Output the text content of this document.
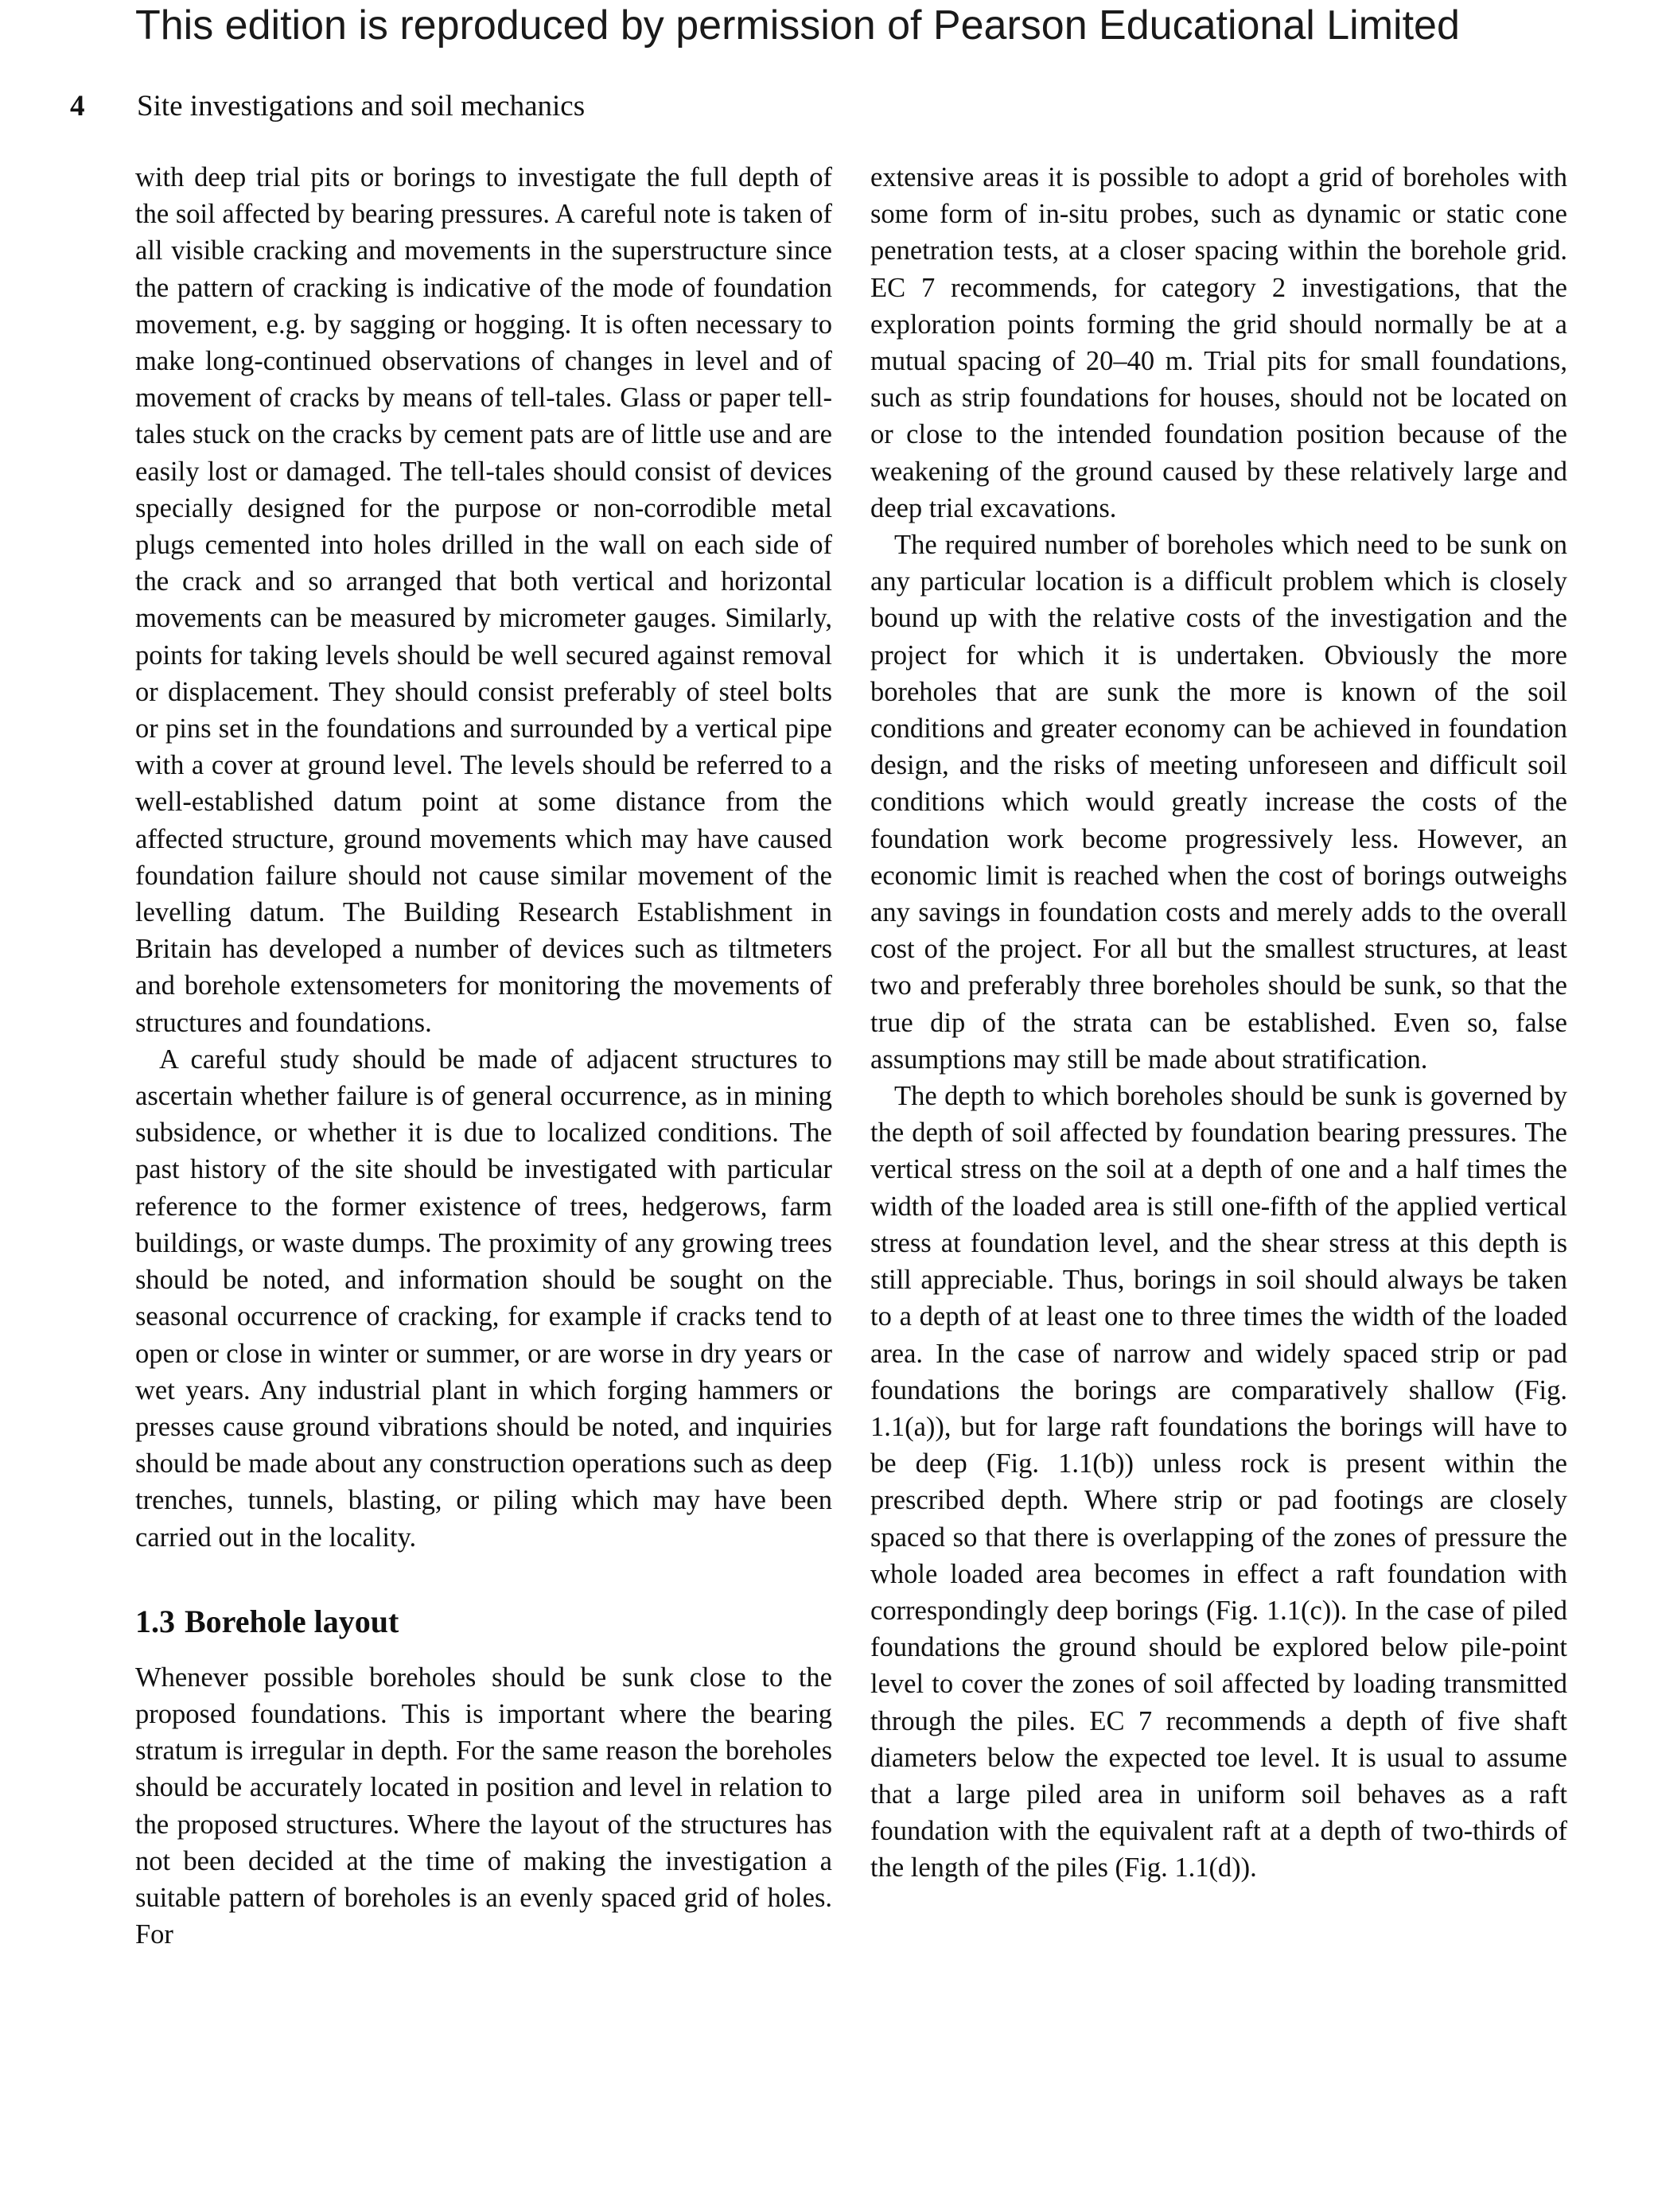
This edition is reproduced by permission of Pearson Educational Limited
4 Site investigations and soil mechanics

with deep trial pits or borings to investigate the full depth of the soil affected by bearing pressures. A careful note is taken of all visible cracking and movements in the superstructure since the pattern of cracking is indicative of the mode of foundation movement, e.g. by sagging or hogging. It is often necessary to make long-continued observations of changes in level and of movement of cracks by means of tell-tales. Glass or paper tell-tales stuck on the cracks by cement pats are of little use and are easily lost or damaged. The tell-tales should consist of devices specially designed for the purpose or non-corrodible metal plugs cemented into holes drilled in the wall on each side of the crack and so arranged that both vertical and horizontal movements can be measured by micrometer gauges. Similarly, points for taking levels should be well secured against removal or displacement. They should consist preferably of steel bolts or pins set in the foundations and surrounded by a vertical pipe with a cover at ground level. The levels should be referred to a well-established datum point at some distance from the affected structure, ground movements which may have caused foundation failure should not cause similar movement of the levelling datum. The Building Research Establishment in Britain has developed a number of devices such as tiltmeters and borehole extensometers for monitoring the movements of structures and foundations.

A careful study should be made of adjacent structures to ascertain whether failure is of general occurrence, as in mining subsidence, or whether it is due to localized conditions. The past history of the site should be investigated with particular reference to the former existence of trees, hedgerows, farm buildings, or waste dumps. The proximity of any growing trees should be noted, and information should be sought on the seasonal occurrence of cracking, for example if cracks tend to open or close in winter or summer, or are worse in dry years or wet years. Any industrial plant in which forging hammers or presses cause ground vibrations should be noted, and inquiries should be made about any construction operations such as deep trenches, tunnels, blasting, or piling which may have been carried out in the locality.

1.3 Borehole layout

Whenever possible boreholes should be sunk close to the proposed foundations. This is important where the bearing stratum is irregular in depth. For the same reason the boreholes should be accurately located in position and level in relation to the proposed structures. Where the layout of the structures has not been decided at the time of making the investigation a suitable pattern of boreholes is an evenly spaced grid of holes. For

extensive areas it is possible to adopt a grid of boreholes with some form of in-situ probes, such as dynamic or static cone penetration tests, at a closer spacing within the borehole grid. EC 7 recommends, for category 2 investigations, that the exploration points forming the grid should normally be at a mutual spacing of 20–40 m. Trial pits for small foundations, such as strip foundations for houses, should not be located on or close to the intended foundation position because of the weakening of the ground caused by these relatively large and deep trial excavations.

The required number of boreholes which need to be sunk on any particular location is a difficult problem which is closely bound up with the relative costs of the investigation and the project for which it is undertaken. Obviously the more boreholes that are sunk the more is known of the soil conditions and greater economy can be achieved in foundation design, and the risks of meeting unforeseen and difficult soil conditions which would greatly increase the costs of the foundation work become progressively less. However, an economic limit is reached when the cost of borings outweighs any savings in foundation costs and merely adds to the overall cost of the project. For all but the smallest structures, at least two and preferably three boreholes should be sunk, so that the true dip of the strata can be established. Even so, false assumptions may still be made about stratification.

The depth to which boreholes should be sunk is governed by the depth of soil affected by foundation bearing pressures. The vertical stress on the soil at a depth of one and a half times the width of the loaded area is still one-fifth of the applied vertical stress at foundation level, and the shear stress at this depth is still appreciable. Thus, borings in soil should always be taken to a depth of at least one to three times the width of the loaded area. In the case of narrow and widely spaced strip or pad foundations the borings are comparatively shallow (Fig. 1.1(a)), but for large raft foundations the borings will have to be deep (Fig. 1.1(b)) unless rock is present within the prescribed depth. Where strip or pad footings are closely spaced so that there is overlapping of the zones of pressure the whole loaded area becomes in effect a raft foundation with correspondingly deep borings (Fig. 1.1(c)). In the case of piled foundations the ground should be explored below pile-point level to cover the zones of soil affected by loading transmitted through the piles. EC 7 recommends a depth of five shaft diameters below the expected toe level. It is usual to assume that a large piled area in uniform soil behaves as a raft foundation with the equivalent raft at a depth of two-thirds of the length of the piles (Fig. 1.1(d)).
